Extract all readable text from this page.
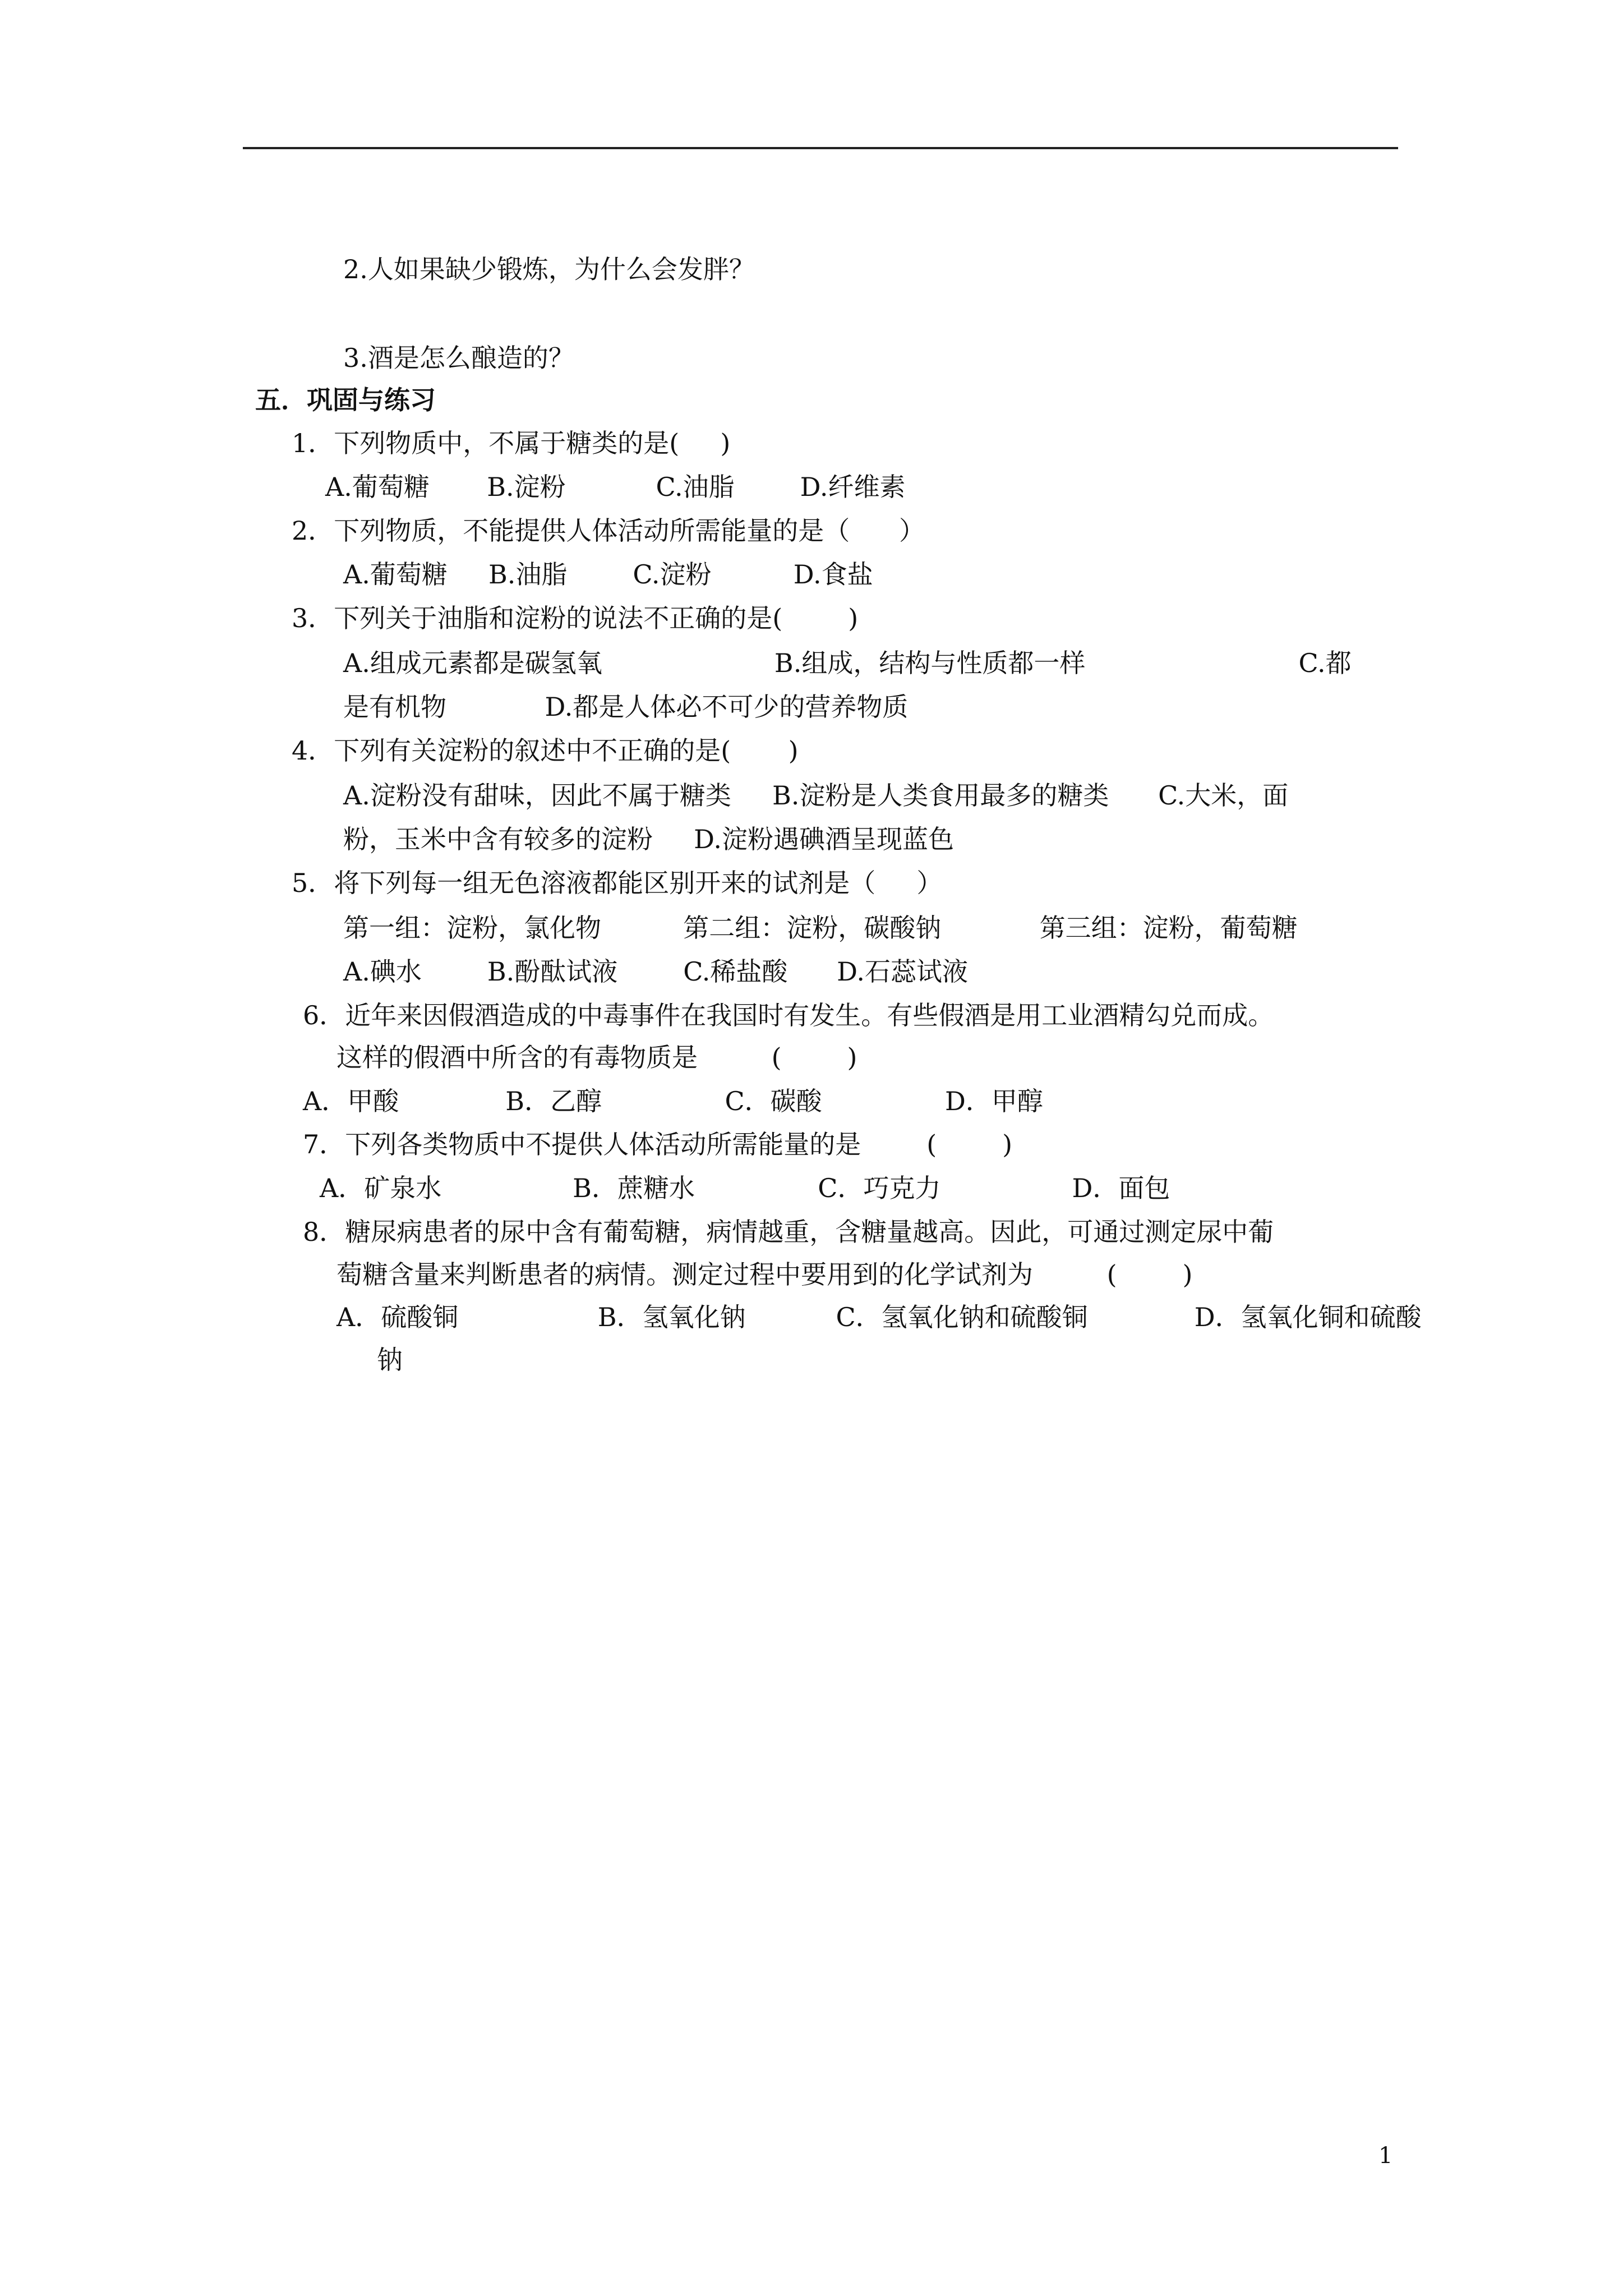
2.人如果缺少锻炼，为什么会发胖？
3.酒是怎么酿造的？
五．巩固与练习
1．下列物质中，不属于糖类的是(     )
A.葡萄糖       B.淀粉           C.油脂        D.纤维素
2．下列物质，不能提供人体活动所需能量的是（      ）
A.葡萄糖     B.油脂        C.淀粉          D.食盐
3．下列关于油脂和淀粉的说法不正确的是(        )
A.组成元素都是碳氢氧                     B.组成，结构与性质都一样                          C.都
是有机物            D.都是人体必不可少的营养物质
4．下列有关淀粉的叙述中不正确的是(       )
A.淀粉没有甜味，因此不属于糖类     B.淀粉是人类食用最多的糖类      C.大米，面
粉，玉米中含有较多的淀粉     D.淀粉遇碘酒呈现蓝色
5．将下列每一组无色溶液都能区别开来的试剂是（     ）
第一组：淀粉，氯化物          第二组：淀粉，碳酸钠            第三组：淀粉，葡萄糖
A.碘水        B.酚酞试液        C.稀盐酸      D.石蕊试液
6．近年来因假酒造成的中毒事件在我国时有发生。有些假酒是用工业酒精勾兑而成。
这样的假酒中所含的有毒物质是         (        )
A．甲酸             B．乙醇               C．碳酸               D．甲醇
7．下列各类物质中不提供人体活动所需能量的是        (        )
A．矿泉水                B．蔗糖水               C．巧克力                D．面包
8．糖尿病患者的尿中含有葡萄糖，病情越重，含糖量越高。因此，可通过测定尿中葡
萄糖含量来判断患者的病情。测定过程中要用到的化学试剂为         (        )
A．硫酸铜                 B．氢氧化钠           C．氢氧化钠和硫酸铜             D．氢氧化铜和硫酸
钠
1
